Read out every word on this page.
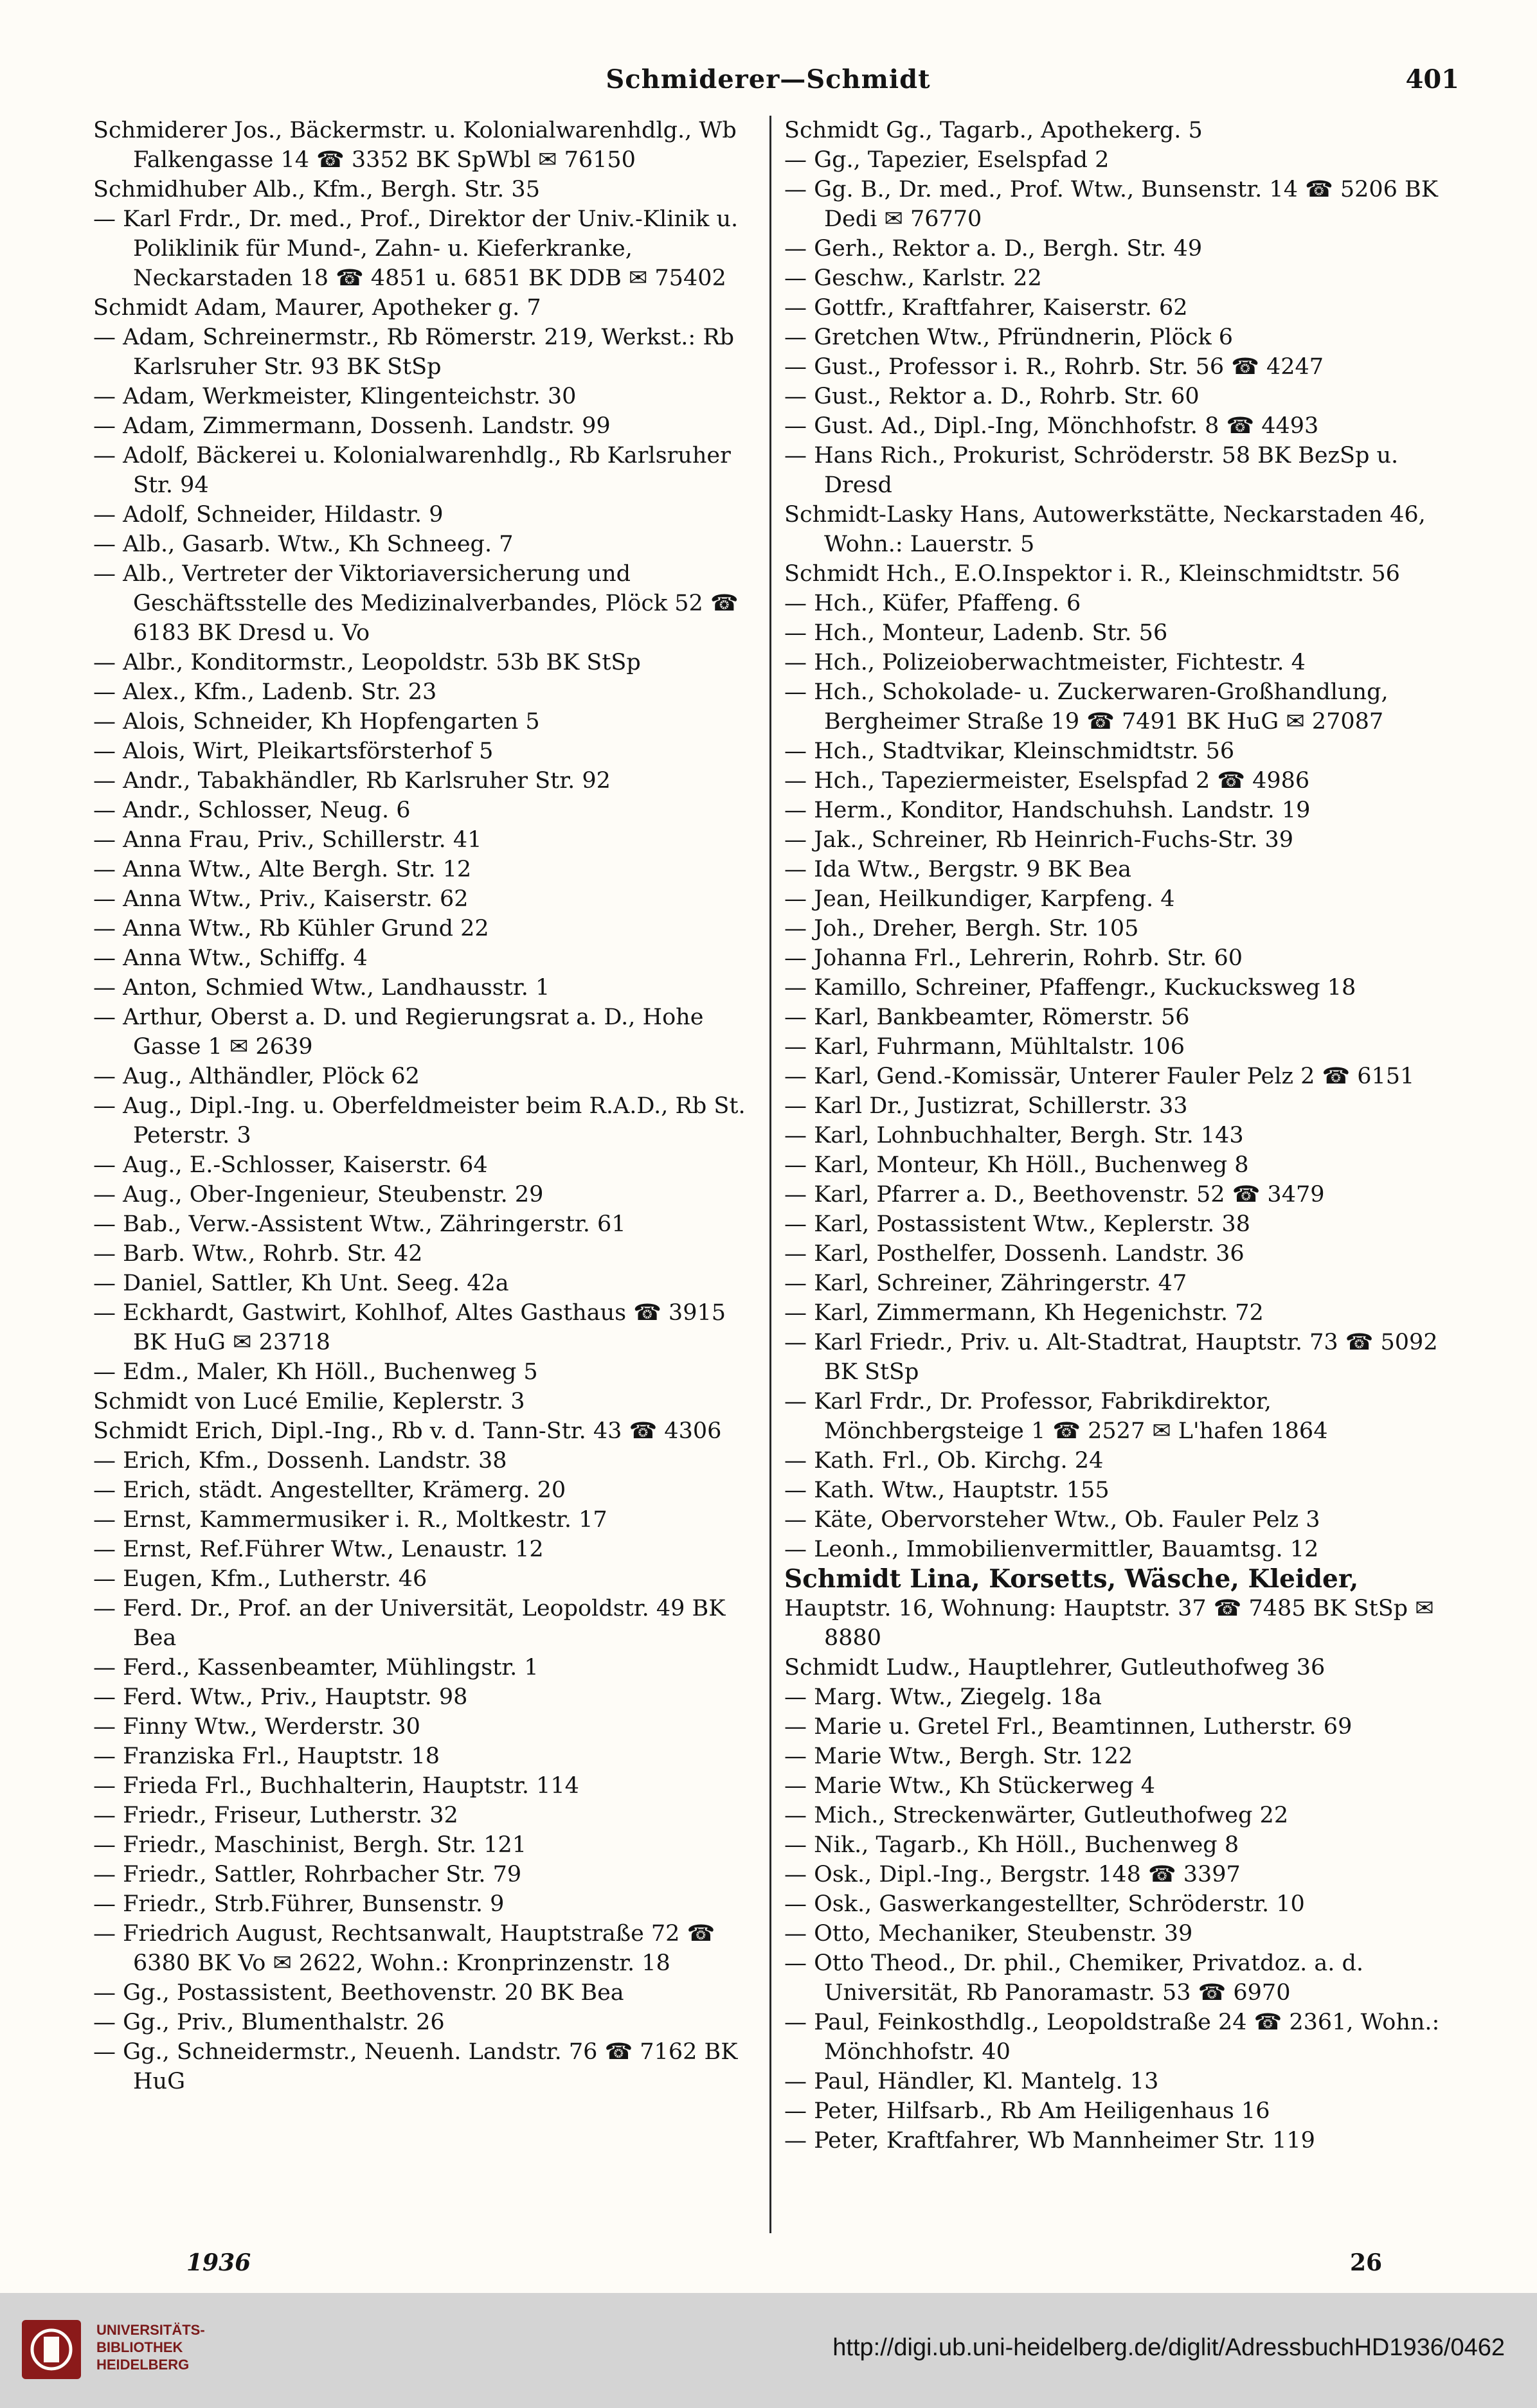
Schmiderer—Schmidt	401

Schmiderer Jos., Bäckermstr. u. Kolonialwarenhdlg., Wb Falkengasse 14 ☎ 3352 BK SpWbl ✉ 76150

Schmidhuber Alb., Kfm., Bergh. Str. 35

— Karl Frdr., Dr. med., Prof., Direktor der Univ.-Klinik u. Poliklinik für Mund-, Zahn- u. Kieferkranke, Neckarstaden 18 ☎ 4851 u. 6851 BK DDB ✉ 75402

Schmidt Adam, Maurer, Apotheker g. 7

— Adam, Schreinermstr., Rb Römerstr. 219, Werkst.: Rb Karlsruher Str. 93 BK StSp

— Adam, Werkmeister, Klingenteichstr. 30

— Adam, Zimmermann, Dossenh. Landstr. 99

— Adolf, Bäckerei u. Kolonialwarenhdlg., Rb Karlsruher Str. 94

— Adolf, Schneider, Hildastr. 9

— Alb., Gasarb. Wtw., Kh Schneeg. 7

— Alb., Vertreter der Viktoriaversicherung und Geschäftsstelle des Medizinalverbandes, Plöck 52 ☎ 6183 BK Dresd u. Vo

— Albr., Konditormstr., Leopoldstr. 53b BK StSp

— Alex., Kfm., Ladenb. Str. 23

— Alois, Schneider, Kh Hopfengarten 5

— Alois, Wirt, Pleikartsförsterhof 5

— Andr., Tabakhändler, Rb Karlsruher Str. 92

— Andr., Schlosser, Neug. 6

— Anna Frau, Priv., Schillerstr. 41

— Anna Wtw., Alte Bergh. Str. 12

— Anna Wtw., Priv., Kaiserstr. 62

— Anna Wtw., Rb Kühler Grund 22

— Anna Wtw., Schiffg. 4

— Anton, Schmied Wtw., Landhausstr. 1

— Arthur, Oberst a. D. und Regierungsrat a. D., Hohe Gasse 1 ✉ 2639

— Aug., Althändler, Plöck 62

— Aug., Dipl.-Ing. u. Oberfeldmeister beim R.A.D., Rb St. Peterstr. 3

— Aug., E.-Schlosser, Kaiserstr. 64

— Aug., Ober-Ingenieur, Steubenstr. 29

— Bab., Verw.-Assistent Wtw., Zähringerstr. 61

— Barb. Wtw., Rohrb. Str. 42

— Daniel, Sattler, Kh Unt. Seeg. 42a

— Eckhardt, Gastwirt, Kohlhof, Altes Gasthaus ☎ 3915 BK HuG ✉ 23718

— Edm., Maler, Kh Höll., Buchenweg 5

Schmidt von Lucé Emilie, Keplerstr. 3

Schmidt Erich, Dipl.-Ing., Rb v. d. Tann-Str. 43 ☎ 4306

— Erich, Kfm., Dossenh. Landstr. 38

— Erich, städt. Angestellter, Krämerg. 20

— Ernst, Kammermusiker i. R., Moltkestr. 17

— Ernst, Ref.Führer Wtw., Lenaustr. 12

— Eugen, Kfm., Lutherstr. 46

— Ferd. Dr., Prof. an der Universität, Leopoldstr. 49 BK Bea

— Ferd., Kassenbeamter, Mühlingstr. 1

— Ferd. Wtw., Priv., Hauptstr. 98

— Finny Wtw., Werderstr. 30

— Franziska Frl., Hauptstr. 18

— Frieda Frl., Buchhalterin, Hauptstr. 114

— Friedr., Friseur, Lutherstr. 32

— Friedr., Maschinist, Bergh. Str. 121

— Friedr., Sattler, Rohrbacher Str. 79

— Friedr., Strb.Führer, Bunsenstr. 9

— Friedrich August, Rechtsanwalt, Hauptstraße 72 ☎ 6380 BK Vo ✉ 2622, Wohn.: Kronprinzenstr. 18

— Gg., Postassistent, Beethovenstr. 20 BK Bea

— Gg., Priv., Blumenthalstr. 26

— Gg., Schneidermstr., Neuenh. Landstr. 76 ☎ 7162 BK HuG

Schmidt Gg., Tagarb., Apothekerg. 5

— Gg., Tapezier, Eselspfad 2

— Gg. B., Dr. med., Prof. Wtw., Bunsenstr. 14 ☎ 5206 BK Dedi ✉ 76770

— Gerh., Rektor a. D., Bergh. Str. 49

— Geschw., Karlstr. 22

— Gottfr., Kraftfahrer, Kaiserstr. 62

— Gretchen Wtw., Pfründnerin, Plöck 6

— Gust., Professor i. R., Rohrb. Str. 56 ☎ 4247

— Gust., Rektor a. D., Rohrb. Str. 60

— Gust. Ad., Dipl.-Ing, Mönchhofstr. 8 ☎ 4493

— Hans Rich., Prokurist, Schröderstr. 58 BK BezSp u. Dresd

Schmidt-Lasky Hans, Autowerkstätte, Neckarstaden 46, Wohn.: Lauerstr. 5

Schmidt Hch., E.O.Inspektor i. R., Kleinschmidtstr. 56

— Hch., Küfer, Pfaffeng. 6

— Hch., Monteur, Ladenb. Str. 56

— Hch., Polizeioberwachtmeister, Fichtestr. 4

— Hch., Schokolade- u. Zuckerwaren-Großhandlung, Bergheimer Straße 19 ☎ 7491 BK HuG ✉ 27087

— Hch., Stadtvikar, Kleinschmidtstr. 56

— Hch., Tapeziermeister, Eselspfad 2 ☎ 4986

— Herm., Konditor, Handschuhsh. Landstr. 19

— Jak., Schreiner, Rb Heinrich-Fuchs-Str. 39

— Ida Wtw., Bergstr. 9 BK Bea

— Jean, Heilkundiger, Karpfeng. 4

— Joh., Dreher, Bergh. Str. 105

— Johanna Frl., Lehrerin, Rohrb. Str. 60

— Kamillo, Schreiner, Pfaffengr., Kuckucksweg 18

— Karl, Bankbeamter, Römerstr. 56

— Karl, Fuhrmann, Mühltalstr. 106

— Karl, Gend.-Komissär, Unterer Fauler Pelz 2 ☎ 6151

— Karl Dr., Justizrat, Schillerstr. 33

— Karl, Lohnbuchhalter, Bergh. Str. 143

— Karl, Monteur, Kh Höll., Buchenweg 8

— Karl, Pfarrer a. D., Beethovenstr. 52 ☎ 3479

— Karl, Postassistent Wtw., Keplerstr. 38

— Karl, Posthelfer, Dossenh. Landstr. 36

— Karl, Schreiner, Zähringerstr. 47

— Karl, Zimmermann, Kh Hegenichstr. 72

— Karl Friedr., Priv. u. Alt-Stadtrat, Hauptstr. 73 ☎ 5092 BK StSp

— Karl Frdr., Dr. Professor, Fabrikdirektor, Mönchbergsteige 1 ☎ 2527 ✉ L'hafen 1864

— Kath. Frl., Ob. Kirchg. 24

— Kath. Wtw., Hauptstr. 155

— Käte, Obervorsteher Wtw., Ob. Fauler Pelz 3

— Leonh., Immobilienvermittler, Bauamtsg. 12

Schmidt Lina, Korsetts, Wäsche, Kleider,

Hauptstr. 16, Wohnung: Hauptstr. 37 ☎ 7485 BK StSp ✉ 8880

Schmidt Ludw., Hauptlehrer, Gutleuthofweg 36

— Marg. Wtw., Ziegelg. 18a

— Marie u. Gretel Frl., Beamtinnen, Lutherstr. 69

— Marie Wtw., Bergh. Str. 122

— Marie Wtw., Kh Stückerweg 4

— Mich., Streckenwärter, Gutleuthofweg 22

— Nik., Tagarb., Kh Höll., Buchenweg 8

— Osk., Dipl.-Ing., Bergstr. 148 ☎ 3397

— Osk., Gaswerkangestellter, Schröderstr. 10

— Otto, Mechaniker, Steubenstr. 39

— Otto Theod., Dr. phil., Chemiker, Privatdoz. a. d. Universität, Rb Panoramastr. 53 ☎ 6970

— Paul, Feinkosthdlg., Leopoldstraße 24 ☎ 2361, Wohn.: Mönchhofstr. 40

— Paul, Händler, Kl. Mantelg. 13

— Peter, Hilfsarb., Rb Am Heiligenhaus 16

— Peter, Kraftfahrer, Wb Mannheimer Str. 119

1936	26
UNIVERSITÄTS-
BIBLIOTHEK
HEIDELBERG
http://digi.ub.uni-heidelberg.de/diglit/AdressbuchHD1936/0462
